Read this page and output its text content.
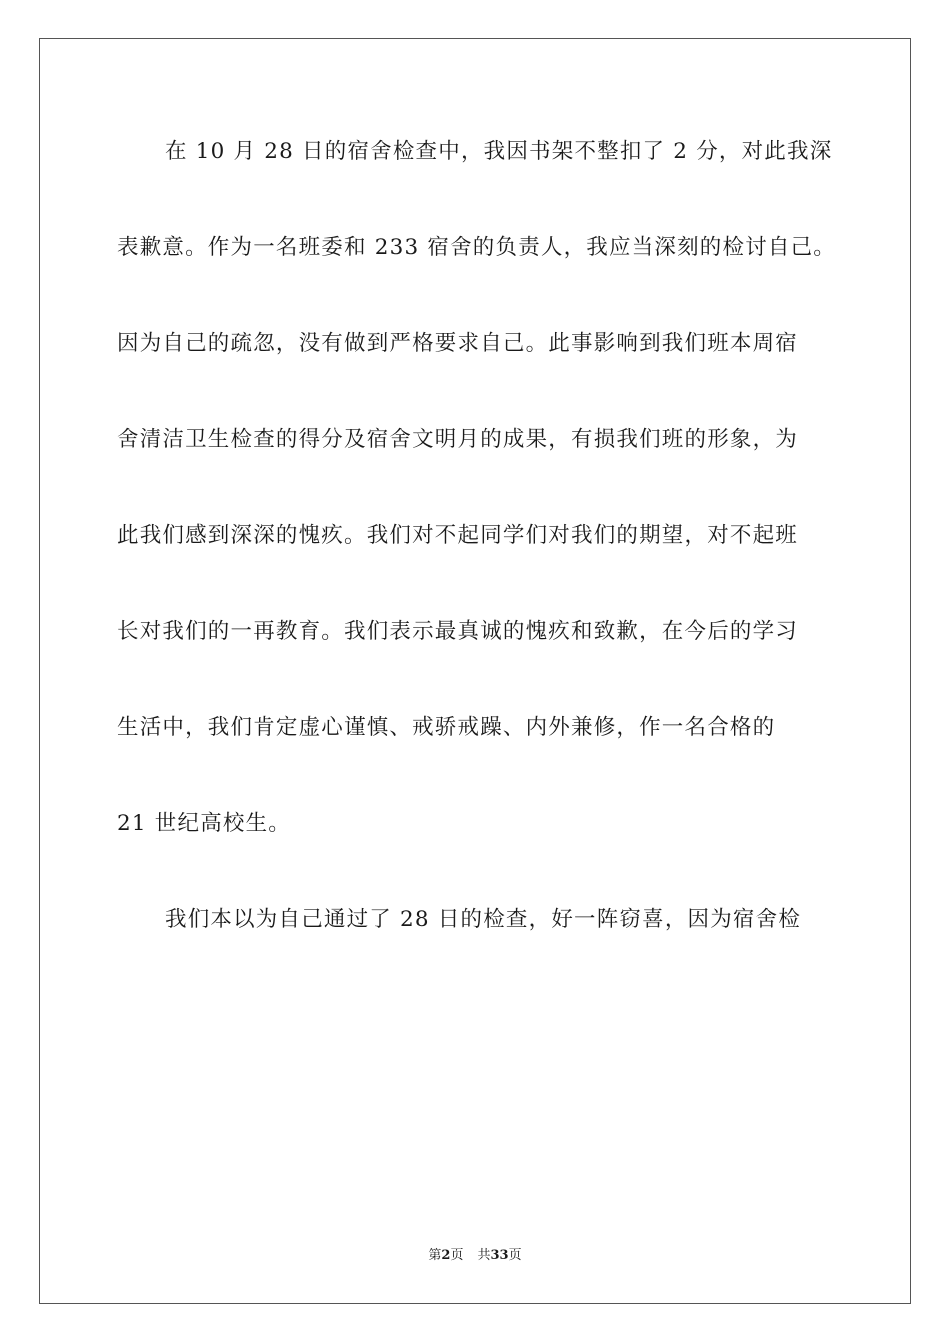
在 10 月 28 日的宿舍检查中，我因书架不整扣了 2 分，对此我深
表歉意。作为一名班委和 233 宿舍的负责人，我应当深刻的检讨自己。
因为自己的疏忽，没有做到严格要求自己。此事影响到我们班本周宿
舍清洁卫生检查的得分及宿舍文明月的成果，有损我们班的形象，为
此我们感到深深的愧疚。我们对不起同学们对我们的期望，对不起班
长对我们的一再教育。我们表示最真诚的愧疚和致歉，在今后的学习
生活中，我们肯定虚心谨慎、戒骄戒躁、内外兼修，作一名合格的
21 世纪高校生。
我们本以为自己通过了 28 日的检查，好一阵窃喜，因为宿舍检
第2页 共33页
